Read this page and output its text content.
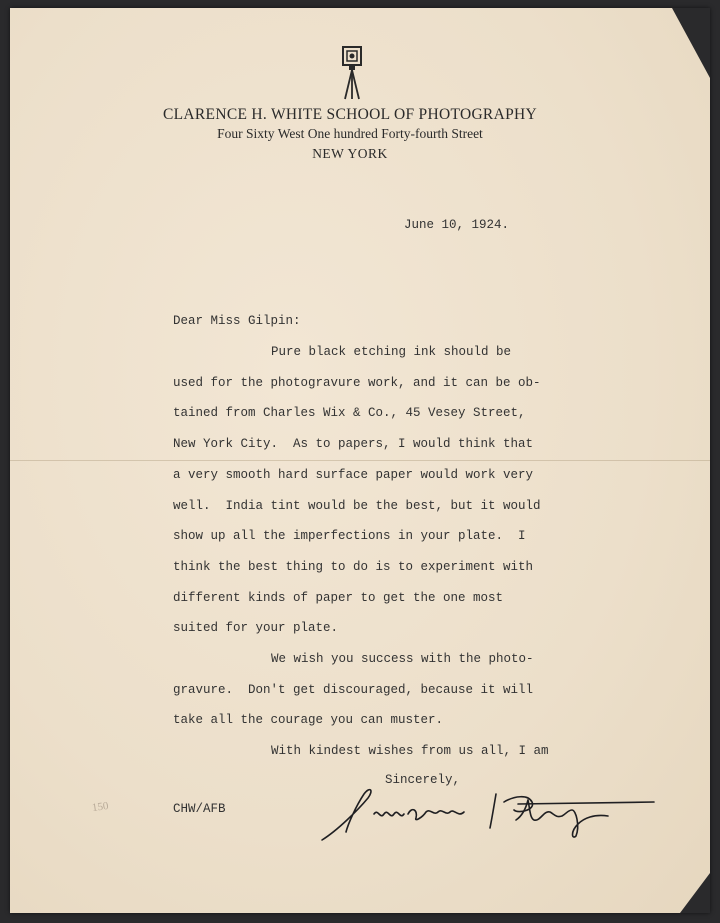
CLARENCE H. WHITE SCHOOL OF PHOTOGRAPHY
Four Sixty West One hundred Forty-fourth Street
NEW YORK
June 10, 1924.
Dear Miss Gilpin:
Pure black etching ink should be
used for the photogravure work, and it can be ob-
tained from Charles Wix & Co., 45 Vesey Street,
New York City.  As to papers, I would think that
a very smooth hard surface paper would work very
well.  India tint would be the best, but it would
show up all the imperfections in your plate.  I
think the best thing to do is to experiment with
different kinds of paper to get the one most
suited for your plate.
We wish you success with the photo-
gravure.  Don't get discouraged, because it will
take all the courage you can muster.
With kindest wishes from us all, I am
Sincerely,
CHW/AFB
150
